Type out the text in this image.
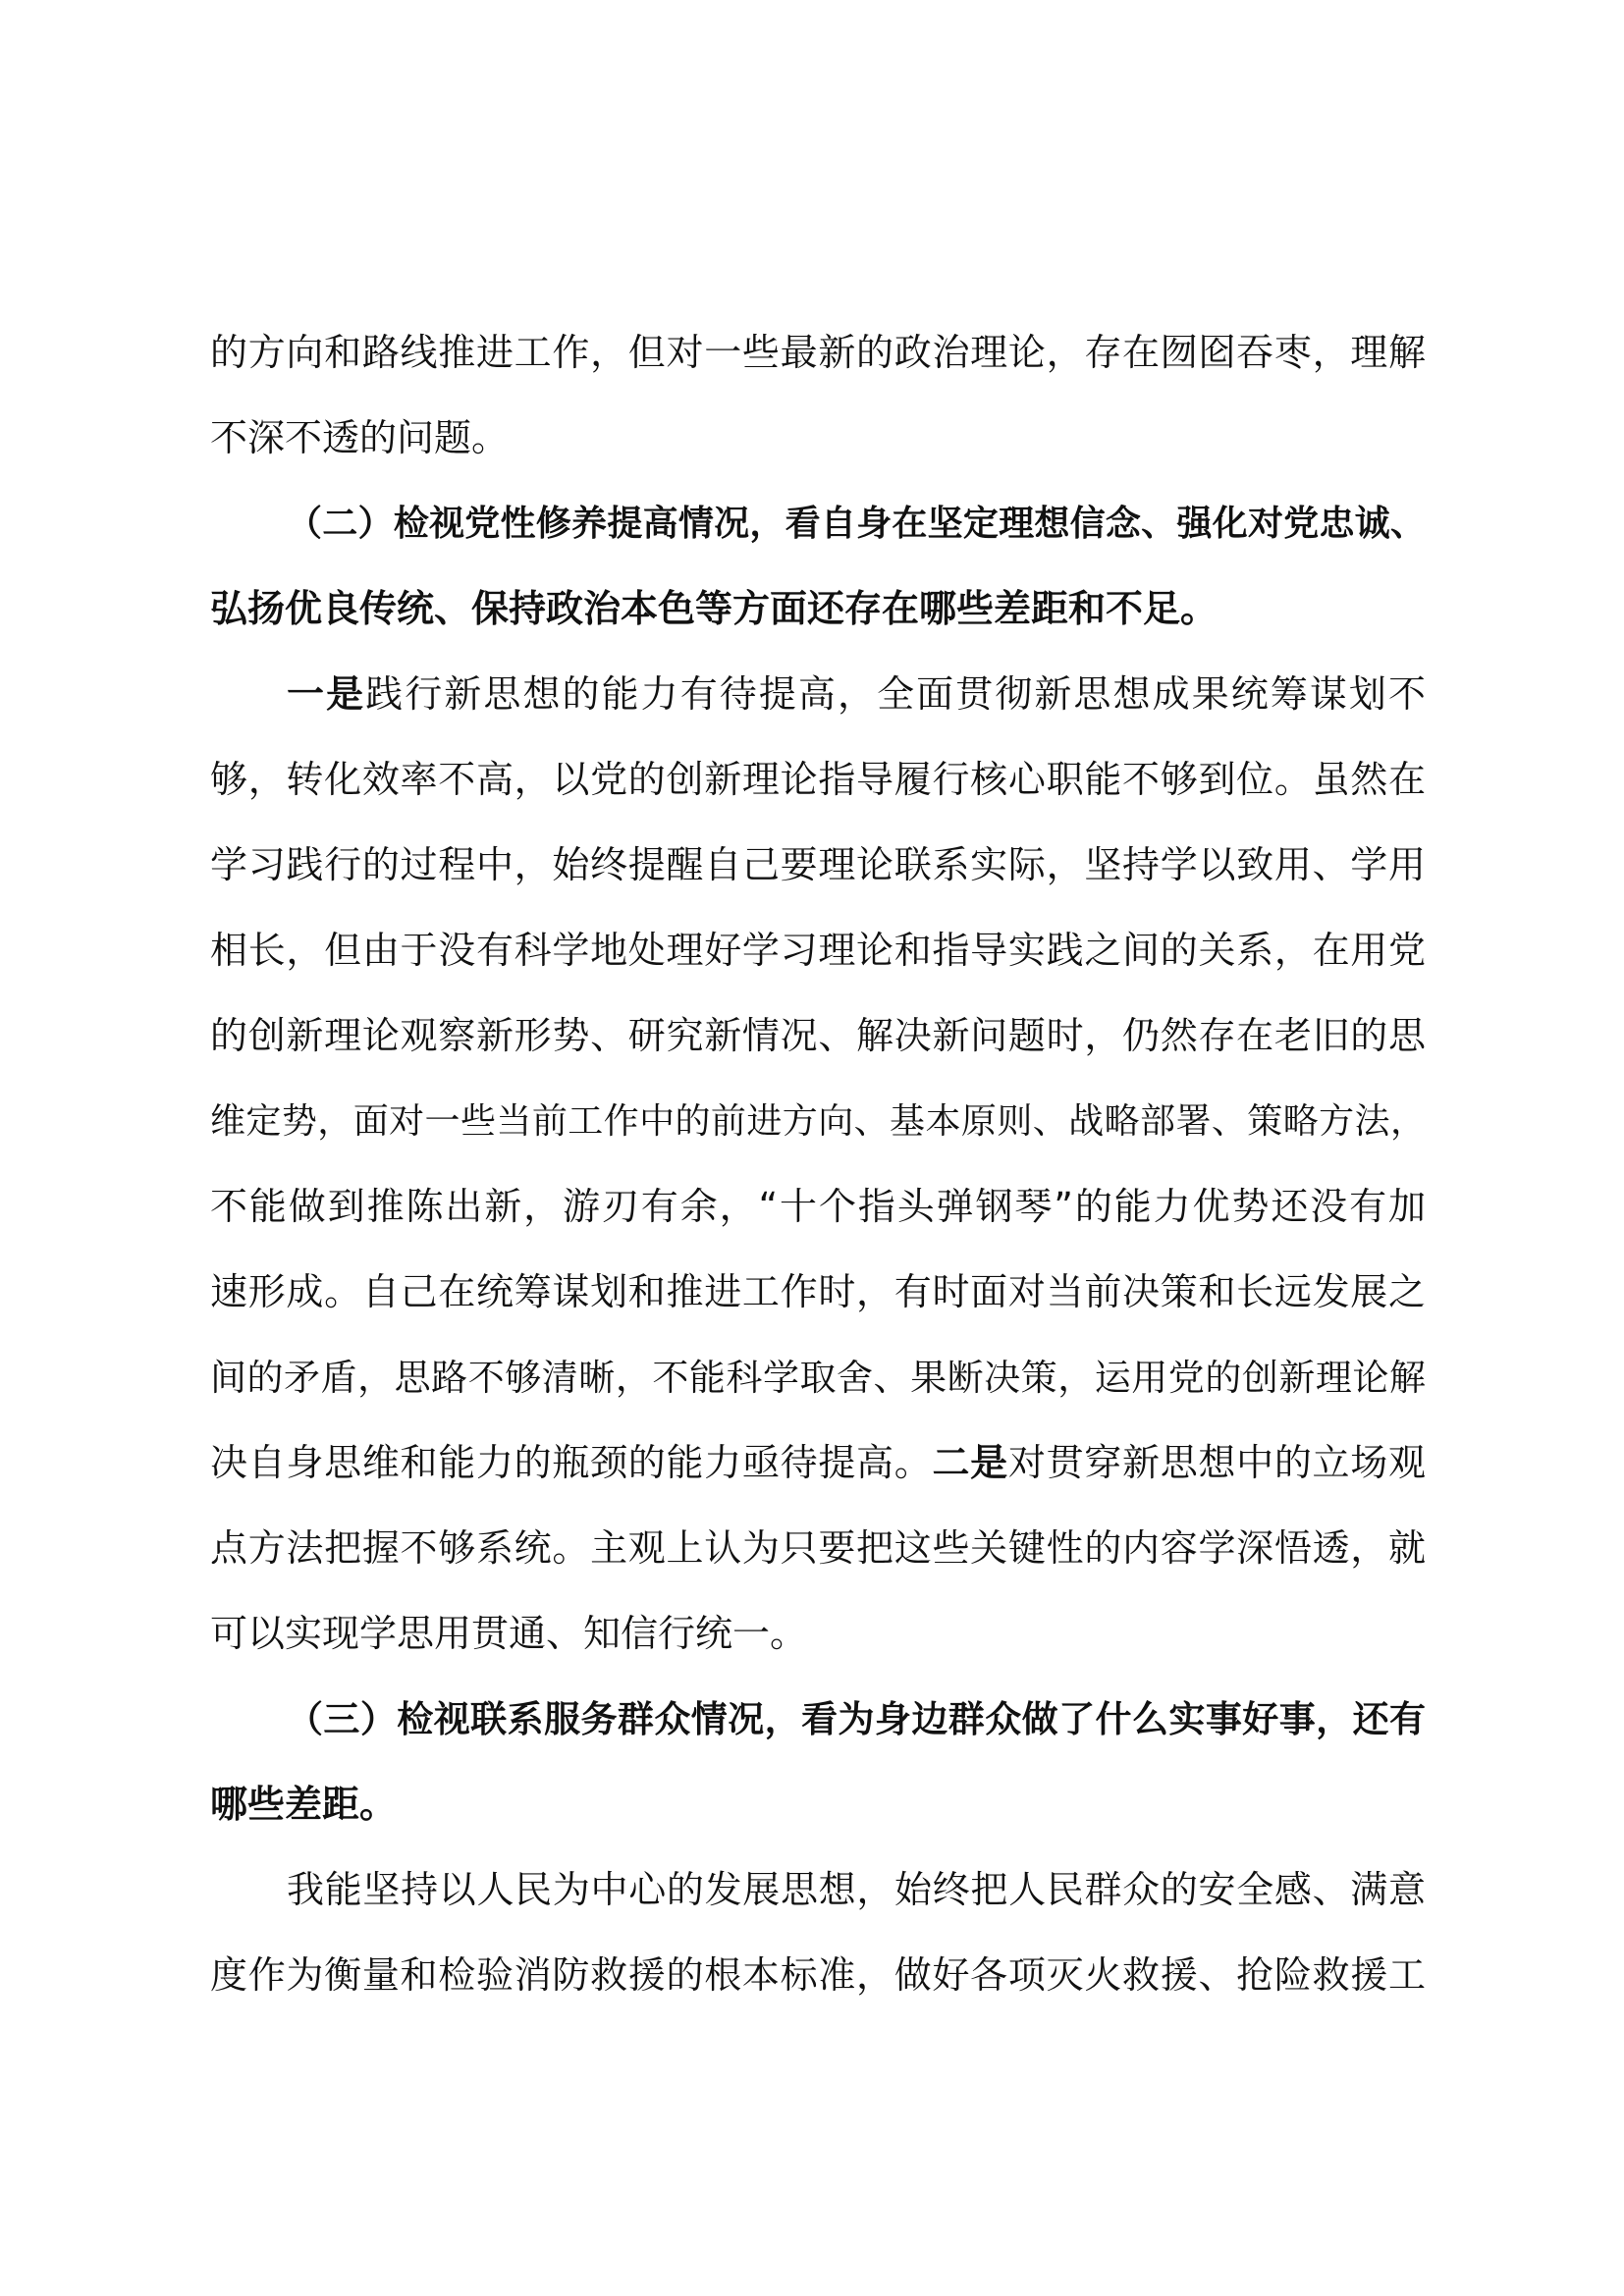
的方向和路线推进工作，但对一些最新的政治理论，存在囫囵吞枣，理解
不深不透的问题。
（二）检视党性修养提高情况，看自身在坚定理想信念、强化对党忠诚、
弘扬优良传统、保持政治本色等方面还存在哪些差距和不足。
一是践行新思想的能力有待提高，全面贯彻新思想成果统筹谋划不
够，转化效率不高，以党的创新理论指导履行核心职能不够到位。虽然在
学习践行的过程中，始终提醒自己要理论联系实际，坚持学以致用、学用
相长，但由于没有科学地处理好学习理论和指导实践之间的关系，在用党
的创新理论观察新形势、研究新情况、解决新问题时，仍然存在老旧的思
维定势，面对一些当前工作中的前进方向、基本原则、战略部署、策略方法，
不能做到推陈出新，游刃有余，“十个指头弹钢琴”的能力优势还没有加
速形成。自己在统筹谋划和推进工作时，有时面对当前决策和长远发展之
间的矛盾，思路不够清晰，不能科学取舍、果断决策，运用党的创新理论解
决自身思维和能力的瓶颈的能力亟待提高。二是对贯穿新思想中的立场观
点方法把握不够系统。主观上认为只要把这些关键性的内容学深悟透，就
可以实现学思用贯通、知信行统一。
（三）检视联系服务群众情况，看为身边群众做了什么实事好事，还有
哪些差距。
我能坚持以人民为中心的发展思想，始终把人民群众的安全感、满意
度作为衡量和检验消防救援的根本标准，做好各项灭火救援、抢险救援工
